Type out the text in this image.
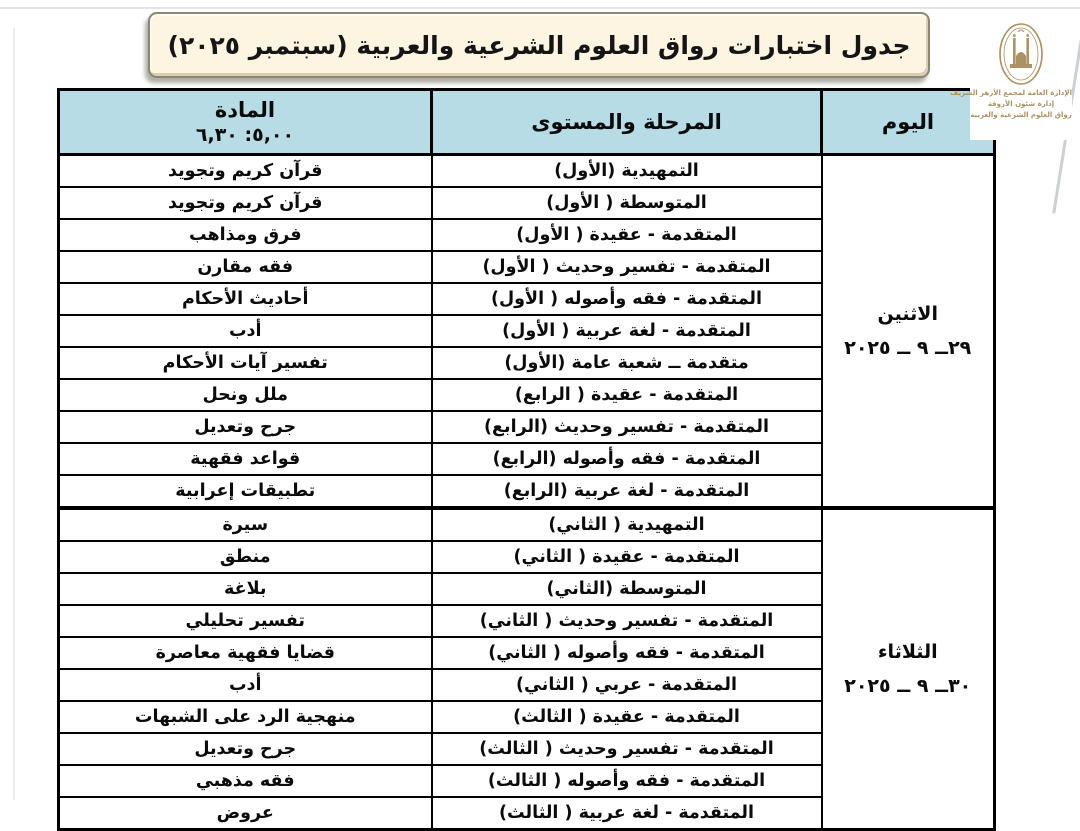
جدول اختبارات رواق العلوم الشرعية والعربية (سبتمبر ٢٠٢٥)
الإدارة العامة لمجمع الأزهر الشريف
إدارة شئون الأروقة
رواق العلوم الشرعية والعربية
اليوم	المرحلة والمستوى	المادة
٥,٠٠: ٦,٣٠

الاثنين
٢٩ــ ٩ ــ ٢٠٢٥	التمهيدية (الأول)	قرآن كريم وتجويد
	المتوسطة ( الأول)	قرآن كريم وتجويد
	المتقدمة - عقيدة ( الأول)	فرق ومذاهب
	المتقدمة - تفسير وحديث ( الأول)	فقه مقارن
	المتقدمة - فقه وأصوله ( الأول)	أحاديث الأحكام
	المتقدمة - لغة عربية ( الأول)	أدب
	متقدمة ــ شعبة عامة (الأول)	تفسير آيات الأحكام
	المتقدمة - عقيدة ( الرابع)	ملل ونحل
	المتقدمة - تفسير وحديث (الرابع)	جرح وتعديل
	المتقدمة - فقه وأصوله (الرابع)	قواعد فقهية
	المتقدمة - لغة عربية (الرابع)	تطبيقات إعرابية

الثلاثاء
٣٠ــ ٩ ــ ٢٠٢٥	التمهيدية ( الثاني)	سيرة
	المتقدمة - عقيدة ( الثاني)	منطق
	المتوسطة (الثاني)	بلاغة
	المتقدمة - تفسير وحديث ( الثاني)	تفسير تحليلي
	المتقدمة - فقه وأصوله ( الثاني)	قضايا فقهية معاصرة
	المتقدمة - عربي ( الثاني)	أدب
	المتقدمة - عقيدة ( الثالث)	منهجية الرد على الشبهات
	المتقدمة - تفسير وحديث ( الثالث)	جرح وتعديل
	المتقدمة - فقه وأصوله ( الثالث)	فقه مذهبي
	المتقدمة - لغة عربية ( الثالث)	عروض
